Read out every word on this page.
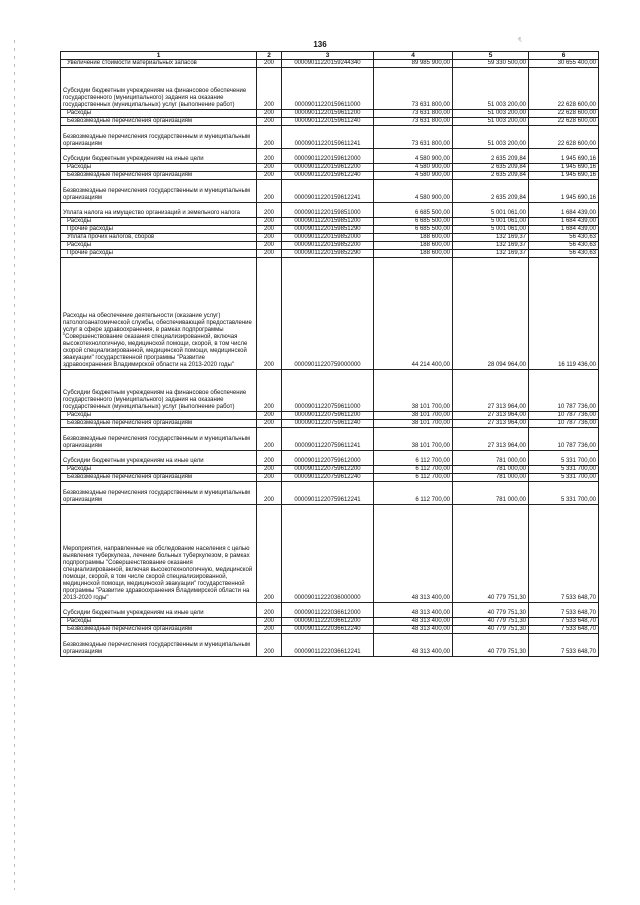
ৎ
136
1	2	3	4	5	6
Увеличение стоимости материальных запасов	200	00009011220159244340	89 985 900,00	59 330 500,00	30 655 400,00
Субсидии бюджетным учреждениям на финансовое обеспечение государственного (муниципального) задания на оказание государственных (муниципальных) услуг (выполнение работ)	200	00009011220159611000	73 631 800,00	51 003 200,00	22 628 600,00
Расходы	200	00009011220159611200	73 631 800,00	51 003 200,00	22 628 600,00
Безвозмездные перечисления организациям	200	00009011220159611240	73 631 800,00	51 003 200,00	22 628 600,00
Безвозмездные перечисления государственным и муниципальным организациям	200	00009011220159611241	73 631 800,00	51 003 200,00	22 628 600,00
Субсидии бюджетным учреждениям на иные цели	200	00009011220159612000	4 580 900,00	2 635 209,84	1 945 690,16
Расходы	200	00009011220159612200	4 580 900,00	2 635 209,84	1 945 690,16
Безвозмездные перечисления организациям	200	00009011220159612240	4 580 900,00	2 635 209,84	1 945 690,16
Безвозмездные перечисления государственным и муниципальным организациям	200	00009011220159612241	4 580 900,00	2 635 209,84	1 945 690,16
Уплата налога на имущество организаций и земельного налога	200	00009011220159851000	6 685 500,00	5 001 061,00	1 684 439,00
Расходы	200	00009011220159851200	6 685 500,00	5 001 061,00	1 684 439,00
Прочие расходы	200	00009011220159851290	6 685 500,00	5 001 061,00	1 684 439,00
Уплата прочих налогов, сборов	200	00009011220159852000	188 600,00	132 169,37	56 430,63
Расходы	200	00009011220159852200	188 600,00	132 169,37	56 430,63
Прочие расходы	200	00009011220159852290	188 600,00	132 169,37	56 430,63
Расходы на обеспечение деятельности (оказание услуг) патологоанатомической службы, обеспечивающей предоставление услуг в сфере здравоохранения, в рамках подпрограммы "Совершенствование оказания специализированной, включая высокотехнологичную, медицинской помощи, скорой, в том числе скорой специализированной, медицинской помощи, медицинской эвакуации" государственной программы "Развитие здравоохранения Владимирской области на 2013-2020 годы"	200	00009011220759000000	44 214 400,00	28 094 964,00	16 119 436,00
Субсидии бюджетным учреждениям на финансовое обеспечение государственного (муниципального) задания на оказание государственных (муниципальных) услуг (выполнение работ)	200	00009011220759611000	38 101 700,00	27 313 964,00	10 787 736,00
Расходы	200	00009011220759611200	38 101 700,00	27 313 964,00	10 787 736,00
Безвозмездные перечисления организациям	200	00009011220759611240	38 101 700,00	27 313 964,00	10 787 736,00
Безвозмездные перечисления государственным и муниципальным организациям	200	00009011220759611241	38 101 700,00	27 313 964,00	10 787 736,00
Субсидии бюджетным учреждениям на иные цели	200	00009011220759612000	6 112 700,00	781 000,00	5 331 700,00
Расходы	200	00009011220759612200	6 112 700,00	781 000,00	5 331 700,00
Безвозмездные перечисления организациям	200	00009011220759612240	6 112 700,00	781 000,00	5 331 700,00
Безвозмездные перечисления государственным и муниципальным организациям	200	00009011220759612241	6 112 700,00	781 000,00	5 331 700,00
Мероприятия, направленные на обследование населения с целью выявления туберкулеза, лечение больных туберкулезом, в рамках подпрограммы "Совершенствование оказания специализированной, включая высокотехнологичную, медицинской помощи, скорой, в том числе скорой специализированной, медицинской помощи, медицинской эвакуации" государственной программы "Развитие здравоохранения Владимирской области на 2013-2020 годы"	200	00009011222036000000	48 313 400,00	40 779 751,30	7 533 648,70
Субсидии бюджетным учреждениям на иные цели	200	00009011222036612000	48 313 400,00	40 779 751,30	7 533 648,70
Расходы	200	00009011222036612200	48 313 400,00	40 779 751,30	7 533 648,70
Безвозмездные перечисления организациям	200	00009011222036612240	48 313 400,00	40 779 751,30	7 533 648,70
Безвозмездные перечисления государственным и муниципальным организациям	200	00009011222036612241	48 313 400,00	40 779 751,30	7 533 648,70
